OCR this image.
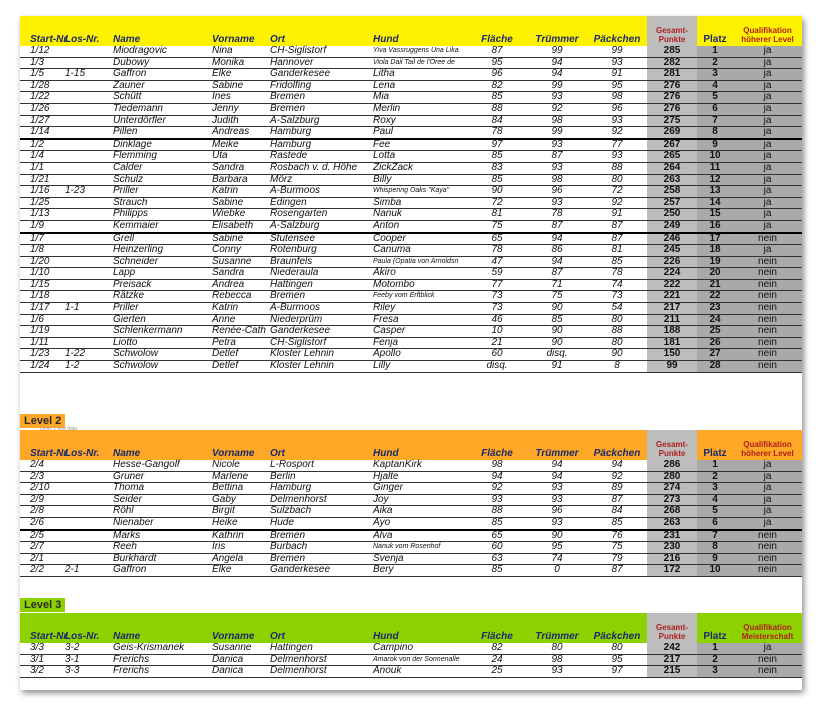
Start-Nr.	Los-Nr.	Name	Vorname	Ort	Hund	Fläche	Trümmer	Päckchen	Gesamt-
Punkte	Platz	Qualifikation
höherer Level
1/12		Miodragovic	Nina	CH-Siglistorf	Yiva Vassruggens Una Lika	87	99	99	285	1	ja
1/3		Dubowy	Monika	Hannover	Viola Dail Tail de l'Oree de	95	94	93	282	2	ja
1/5	1-15	Gaffron	Elke	Ganderkesee	Litha	96	94	91	281	3	ja
1/28		Zauner	Sabine	Fridolfing	Lena	82	99	95	276	4	ja
1/22		Schütt	Ines	Bremen	Mia	85	93	98	276	5	ja
1/26		Tiedemann	Jenny	Bremen	Merlin	88	92	96	276	6	ja
1/27		Unterdörfler	Judith	A-Salzburg	Roxy	84	98	93	275	7	ja
1/14		Pillen	Andreas	Hamburg	Paul	78	99	92	269	8	ja
1/2		Dinklage	Meike	Hamburg	Fee	97	93	77	267	9	ja
1/4		Flemming	Uta	Rastede	Lotta	85	87	93	265	10	ja
1/1		Calder	Sandra	Rosbach v. d. Höhe	ZickZack	83	93	88	264	11	ja
1/21		Schulz	Barbara	Mörz	Billy	85	98	80	263	12	ja
1/16	1-23	Priller	Katrin	A-Burmoos	Whispering Oaks "Kaya"	90	96	72	258	13	ja
1/25		Strauch	Sabine	Edingen	Simba	72	93	92	257	14	ja
1/13		Philipps	Wiebke	Rosengarten	Nanuk	81	78	91	250	15	ja
1/9		Kemmaier	Elisabeth	A-Salzburg	Anton	75	87	87	249	16	ja
1/7		Grell	Sabine	Stutensee	Cooper	65	94	87	246	17	nein
1/8		Heinzerling	Conny	Rotenburg	Canuma	78	86	81	245	18	ja
1/20		Schneider	Susanne	Braunfels	Paula (Opatia von Arnoldsn	47	94	85	226	19	nein
1/10		Lapp	Sandra	Niederaula	Akiro	59	87	78	224	20	nein
1/15		Preisack	Andrea	Hattingen	Motombo	77	71	74	222	21	nein
1/18		Rätzke	Rebecca	Bremen	Feeby vom Erftblick	73	75	73	221	22	nein
1/17	1-1	Priller	Katrin	A-Burmoos	Riley	73	90	54	217	23	nein
1/6		Gierten	Anne	Niederprüm	Fresa	46	85	80	211	24	nein
1/19		Schlenkermann	Renée-Cath	Ganderkesee	Casper	10	90	88	188	25	nein
1/11		Liotto	Petra	CH-Siglistorf	Fenja	21	90	80	181	26	nein
1/23	1-22	Schwolow	Detlef	Kloster Lehnin	Apollo	60	disq.	90	150	27	nein
1/24	1-2	Schwolow	Detlef	Kloster Lehnin	Lilly	disq.	91	8	99	28	nein
Level 2
Level 2 dog data
Start-Nr.	Los-Nr.	Name	Vorname	Ort	Hund	Fläche	Trümmer	Päckchen	Gesamt-
Punkte	Platz	Qualifikation
höherer Level
2/4		Hesse-Gangolf	Nicole	L-Rosport	KaptanKirk	98	94	94	286	1	ja
2/3		Gruner	Marlene	Berlin	Hjalte	94	94	92	280	2	ja
2/10		Thoma	Bettina	Hamburg	Ginger	92	93	89	274	3	ja
2/9		Seider	Gaby	Delmenhorst	Joy	93	93	87	273	4	ja
2/8		Röhl	Birgit	Sulzbach	Aika	88	96	84	268	5	ja
2/6		Nienaber	Heike	Hude	Ayo	85	93	85	263	6	ja
2/5		Marks	Kathrin	Bremen	Alva	65	90	76	231	7	nein
2/7		Reeh	Iris	Burbach	Nanuk vom Rosenhof	60	95	75	230	8	nein
2/1		Burkhardt	Angela	Bremen	Svenja	63	74	79	216	9	nein
2/2	2-1	Gaffron	Elke	Ganderkesee	Bery	85	0	87	172	10	nein
Level 3
Start-Nr.	Los-Nr.	Name	Vorname	Ort	Hund	Fläche	Trümmer	Päckchen	Gesamt-
Punkte	Platz	Qualifikation
Meisterschaft
3/3	3-2	Geis-Krismanek	Susanne	Hattingen	Campino	82	80	80	242	1	ja
3/1	3-1	Frerichs	Danica	Delmenhorst	Amarok von der Sonnenalle	24	98	95	217	2	nein
3/2	3-3	Frerichs	Danica	Delmenhorst	Anouk	25	93	97	215	3	nein
